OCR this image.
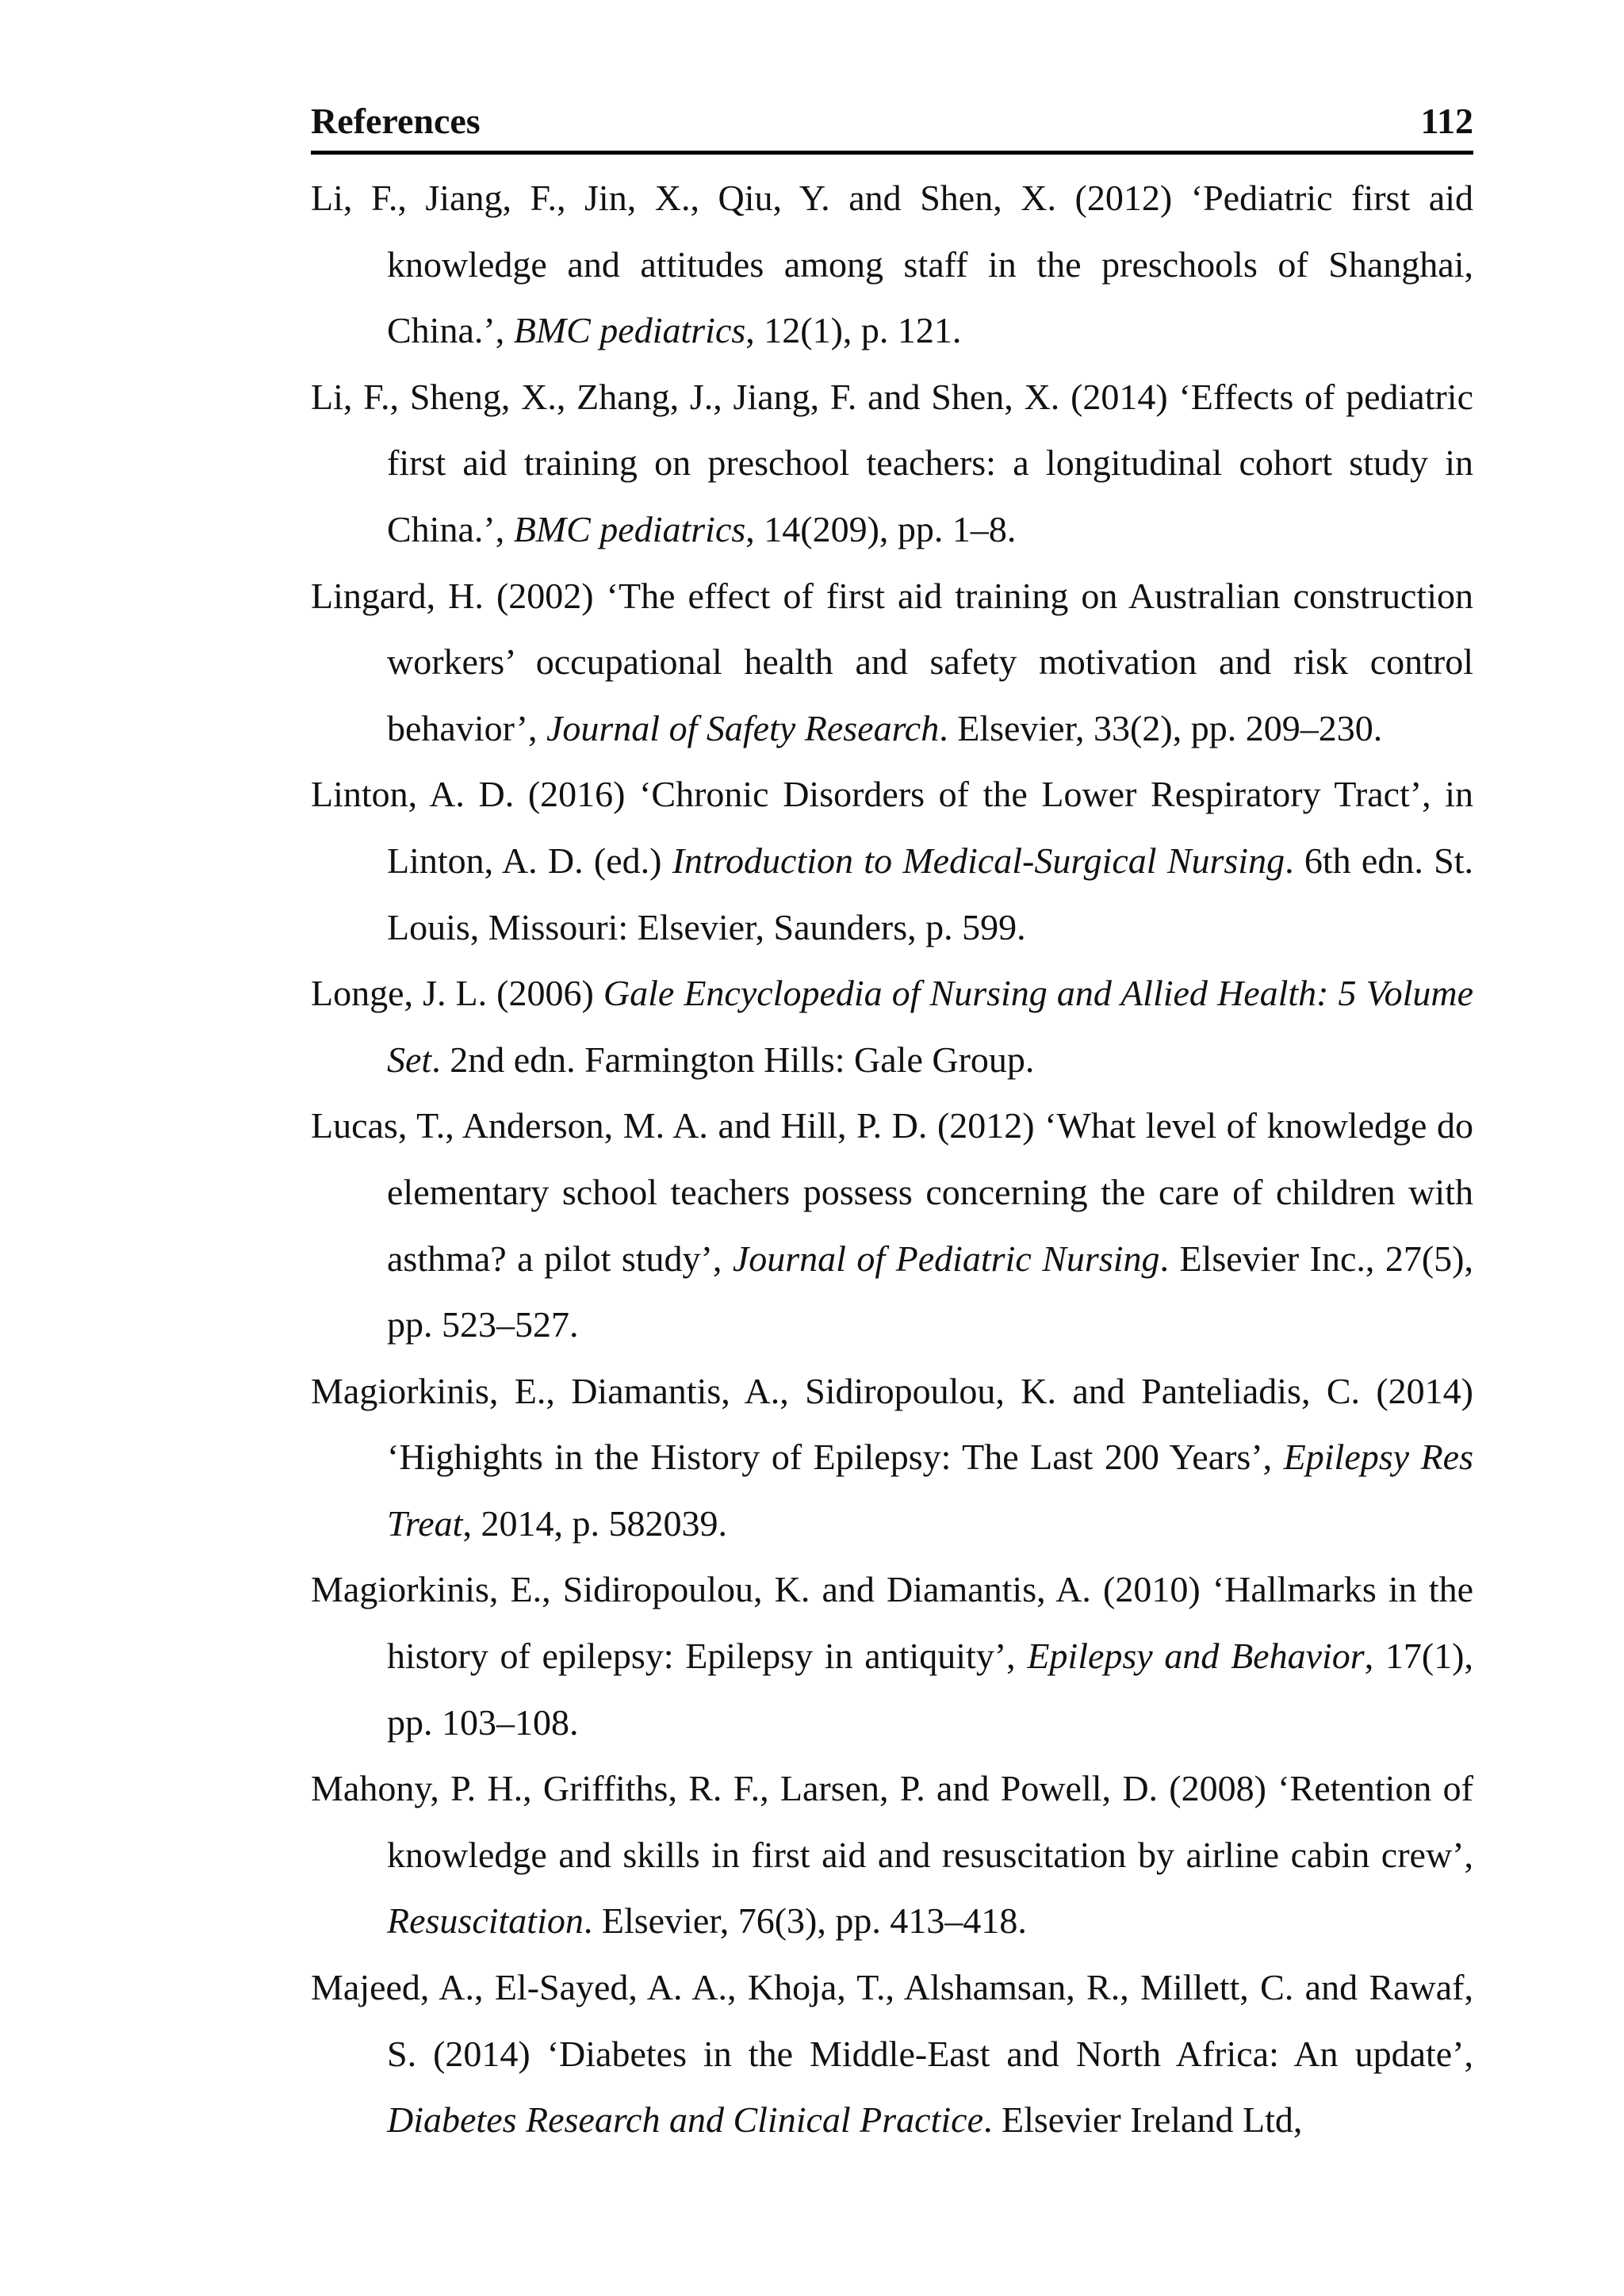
References	112

Li, F., Jiang, F., Jin, X., Qiu, Y. and Shen, X. (2012) ‘Pediatric first aid knowledge and attitudes among staff in the preschools of Shanghai, China.’, BMC pediatrics, 12(1), p. 121.

Li, F., Sheng, X., Zhang, J., Jiang, F. and Shen, X. (2014) ‘Effects of pediatric first aid training on preschool teachers: a longitudinal cohort study in China.’, BMC pediatrics, 14(209), pp. 1–8.

Lingard, H. (2002) ‘The effect of first aid training on Australian construction workers’ occupational health and safety motivation and risk control behavior’, Journal of Safety Research. Elsevier, 33(2), pp. 209–230.

Linton, A. D. (2016) ‘Chronic Disorders of the Lower Respiratory Tract’, in Linton, A. D. (ed.) Introduction to Medical-Surgical Nursing. 6th edn. St. Louis, Missouri: Elsevier, Saunders, p. 599.

Longe, J. L. (2006) Gale Encyclopedia of Nursing and Allied Health: 5 Volume Set. 2nd edn. Farmington Hills: Gale Group.

Lucas, T., Anderson, M. A. and Hill, P. D. (2012) ‘What level of knowledge do elementary school teachers possess concerning the care of children with asthma? a pilot study’, Journal of Pediatric Nursing. Elsevier Inc., 27(5), pp. 523–527.

Magiorkinis, E., Diamantis, A., Sidiropoulou, K. and Panteliadis, C. (2014) ‘Highights in the History of Epilepsy: The Last 200 Years’, Epilepsy Res Treat, 2014, p. 582039.

Magiorkinis, E., Sidiropoulou, K. and Diamantis, A. (2010) ‘Hallmarks in the history of epilepsy: Epilepsy in antiquity’, Epilepsy and Behavior, 17(1), pp. 103–108.

Mahony, P. H., Griffiths, R. F., Larsen, P. and Powell, D. (2008) ‘Retention of knowledge and skills in first aid and resuscitation by airline cabin crew’, Resuscitation. Elsevier, 76(3), pp. 413–418.

Majeed, A., El-Sayed, A. A., Khoja, T., Alshamsan, R., Millett, C. and Rawaf, S. (2014) ‘Diabetes in the Middle-East and North Africa: An update’, Diabetes Research and Clinical Practice. Elsevier Ireland Ltd,
